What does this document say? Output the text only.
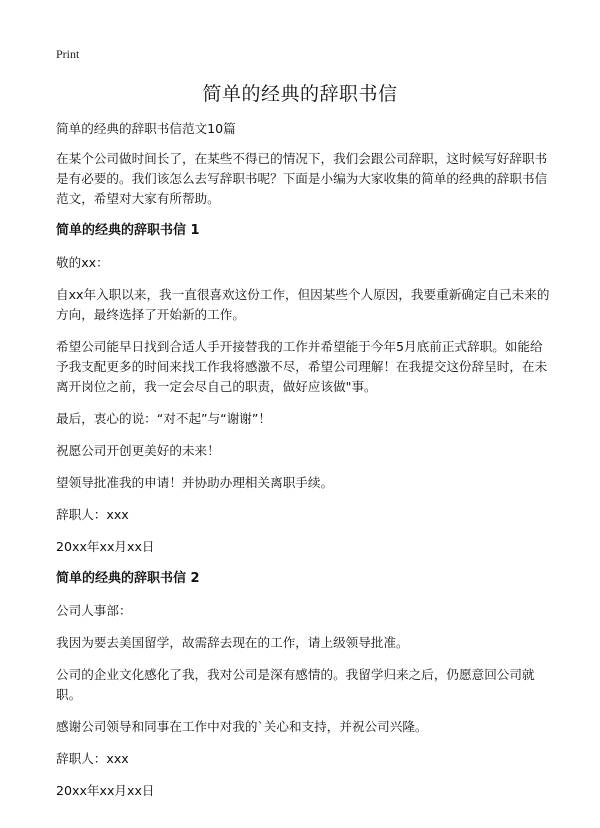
Print
简单的经典的辞职书信

简单的经典的辞职书信范文10篇

在某个公司做时间长了，在某些不得已的情况下，我们会跟公司辞职，这时候写好辞职书是有必要的。我们该怎么去写辞职书呢？下面是小编为大家收集的简单的经典的辞职书信范文，希望对大家有所帮助。

简单的经典的辞职书信 1

敬的xx：

自xx年入职以来，我一直很喜欢这份工作，但因某些个人原因，我要重新确定自己未来的方向，最终选择了开始新的工作。

希望公司能早日找到合适人手开接替我的工作并希望能于今年5月底前正式辞职。如能给予我支配更多的时间来找工作我将感激不尽，希望公司理解！在我提交这份辞呈时，在未离开岗位之前，我一定会尽自己的职责，做好应该做"事。

最后，衷心的说：“对不起”与“谢谢”！

祝愿公司开创更美好的未来！

望领导批准我的申请！并协助办理相关离职手续。

辞职人：xxx

20xx年xx月xx日

简单的经典的辞职书信 2

公司人事部：

我因为要去美国留学，故需辞去现在的工作，请上级领导批准。

公司的企业文化感化了我，我对公司是深有感情的。我留学归来之后，仍愿意回公司就职。

感谢公司领导和同事在工作中对我的`关心和支持，并祝公司兴隆。

辞职人：xxx

20xx年xx月xx日
